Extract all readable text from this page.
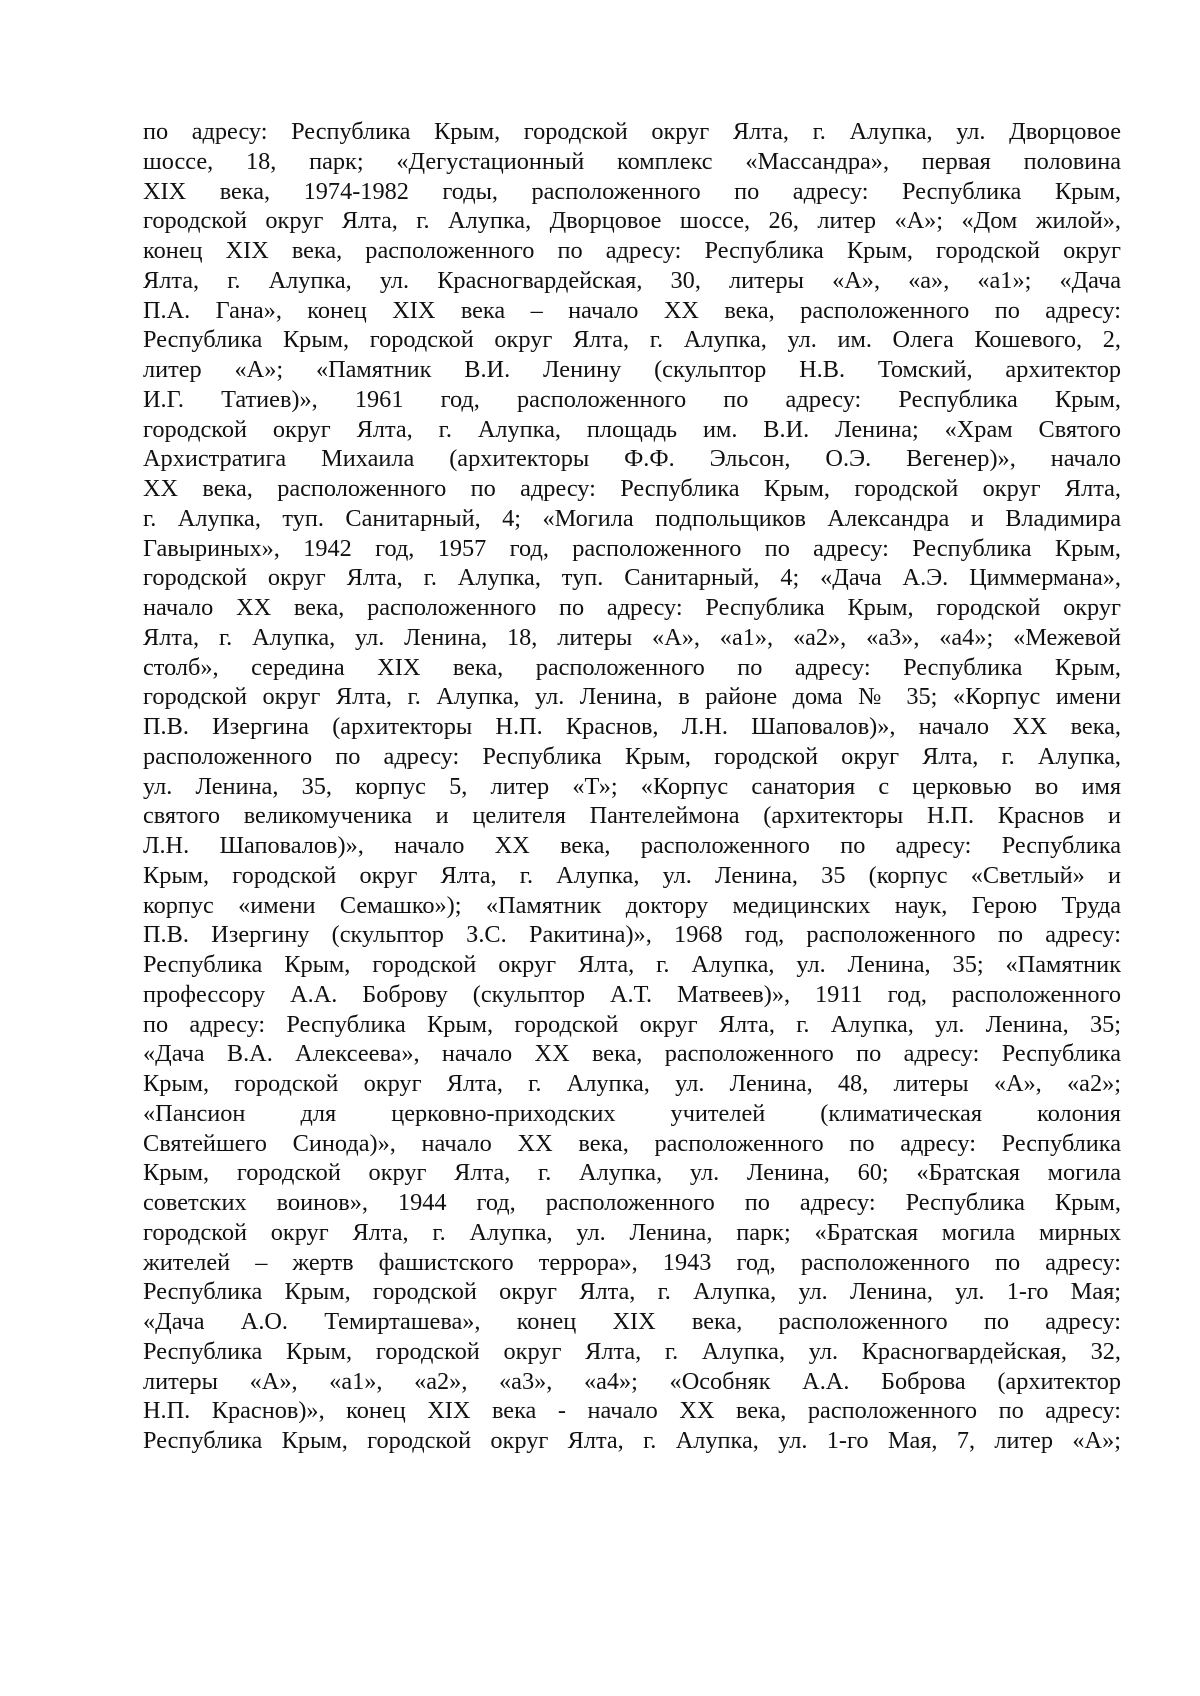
по адресу: Республика Крым, городской округ Ялта, г. Алупка, ул. Дворцовое
шоссе, 18, парк; «Дегустационный комплекс «Массандра», первая половина
XIX века, 1974-1982 годы, расположенного по адресу: Республика Крым,
городской округ Ялта, г. Алупка, Дворцовое шоссе, 26, литер «А»; «Дом жилой»,
конец XIX века, расположенного по адресу: Республика Крым, городской округ
Ялта, г. Алупка, ул. Красногвардейская, 30, литеры «А», «а», «а1»; «Дача
П.А. Гана», конец XIX века – начало XX века, расположенного по адресу:
Республика Крым, городской округ Ялта, г. Алупка, ул. им. Олега Кошевого, 2,
литер «А»; «Памятник В.И. Ленину (скульптор Н.В. Томский, архитектор
И.Г. Татиев)», 1961 год, расположенного по адресу: Республика Крым,
городской округ Ялта, г. Алупка, площадь им. В.И. Ленина; «Храм Святого
Архистратига Михаила (архитекторы Ф.Ф. Эльсон, О.Э. Вегенер)», начало
XX века, расположенного по адресу: Республика Крым, городской округ Ялта,
г. Алупка, туп. Санитарный, 4; «Могила подпольщиков Александра и Владимира
Гавыриных», 1942 год, 1957 год, расположенного по адресу: Республика Крым,
городской округ Ялта, г. Алупка, туп. Санитарный, 4; «Дача А.Э. Циммермана»,
начало XX века, расположенного по адресу: Республика Крым, городской округ
Ялта, г. Алупка, ул. Ленина, 18, литеры «А», «а1», «а2», «а3», «а4»; «Межевой
столб», середина XIX века, расположенного по адресу: Республика Крым,
городской округ Ялта, г. Алупка, ул. Ленина, в районе дома № 35; «Корпус имени
П.В. Изергина (архитекторы Н.П. Краснов, Л.Н. Шаповалов)», начало XX века,
расположенного по адресу: Республика Крым, городской округ Ялта, г. Алупка,
ул. Ленина, 35, корпус 5, литер «Т»; «Корпус санатория с церковью во имя
святого великомученика и целителя Пантелеймона (архитекторы Н.П. Краснов и
Л.Н. Шаповалов)», начало XX века, расположенного по адресу: Республика
Крым, городской округ Ялта, г. Алупка, ул. Ленина, 35 (корпус «Светлый» и
корпус «имени Семашко»); «Памятник доктору медицинских наук, Герою Труда
П.В. Изергину (скульптор З.С. Ракитина)», 1968 год, расположенного по адресу:
Республика Крым, городской округ Ялта, г. Алупка, ул. Ленина, 35; «Памятник
профессору А.А. Боброву (скульптор А.Т. Матвеев)», 1911 год, расположенного
по адресу: Республика Крым, городской округ Ялта, г. Алупка, ул. Ленина, 35;
«Дача В.А. Алексеева», начало XX века, расположенного по адресу: Республика
Крым, городской округ Ялта, г. Алупка, ул. Ленина, 48, литеры «А», «а2»;
«Пансион для церковно-приходских учителей (климатическая колония
Святейшего Синода)», начало XX века, расположенного по адресу: Республика
Крым, городской округ Ялта, г. Алупка, ул. Ленина, 60; «Братская могила
советских воинов», 1944 год, расположенного по адресу: Республика Крым,
городской округ Ялта, г. Алупка, ул. Ленина, парк; «Братская могила мирных
жителей – жертв фашистского террора», 1943 год, расположенного по адресу:
Республика Крым, городской округ Ялта, г. Алупка, ул. Ленина, ул. 1-го Мая;
«Дача А.О. Темирташева», конец XIX века, расположенного по адресу:
Республика Крым, городской округ Ялта, г. Алупка, ул. Красногвардейская, 32,
литеры «А», «а1», «а2», «а3», «а4»; «Особняк А.А. Боброва (архитектор
Н.П. Краснов)», конец XIX века - начало XX века, расположенного по адресу:
Республика Крым, городской округ Ялта, г. Алупка, ул. 1-го Мая, 7, литер «А»;
